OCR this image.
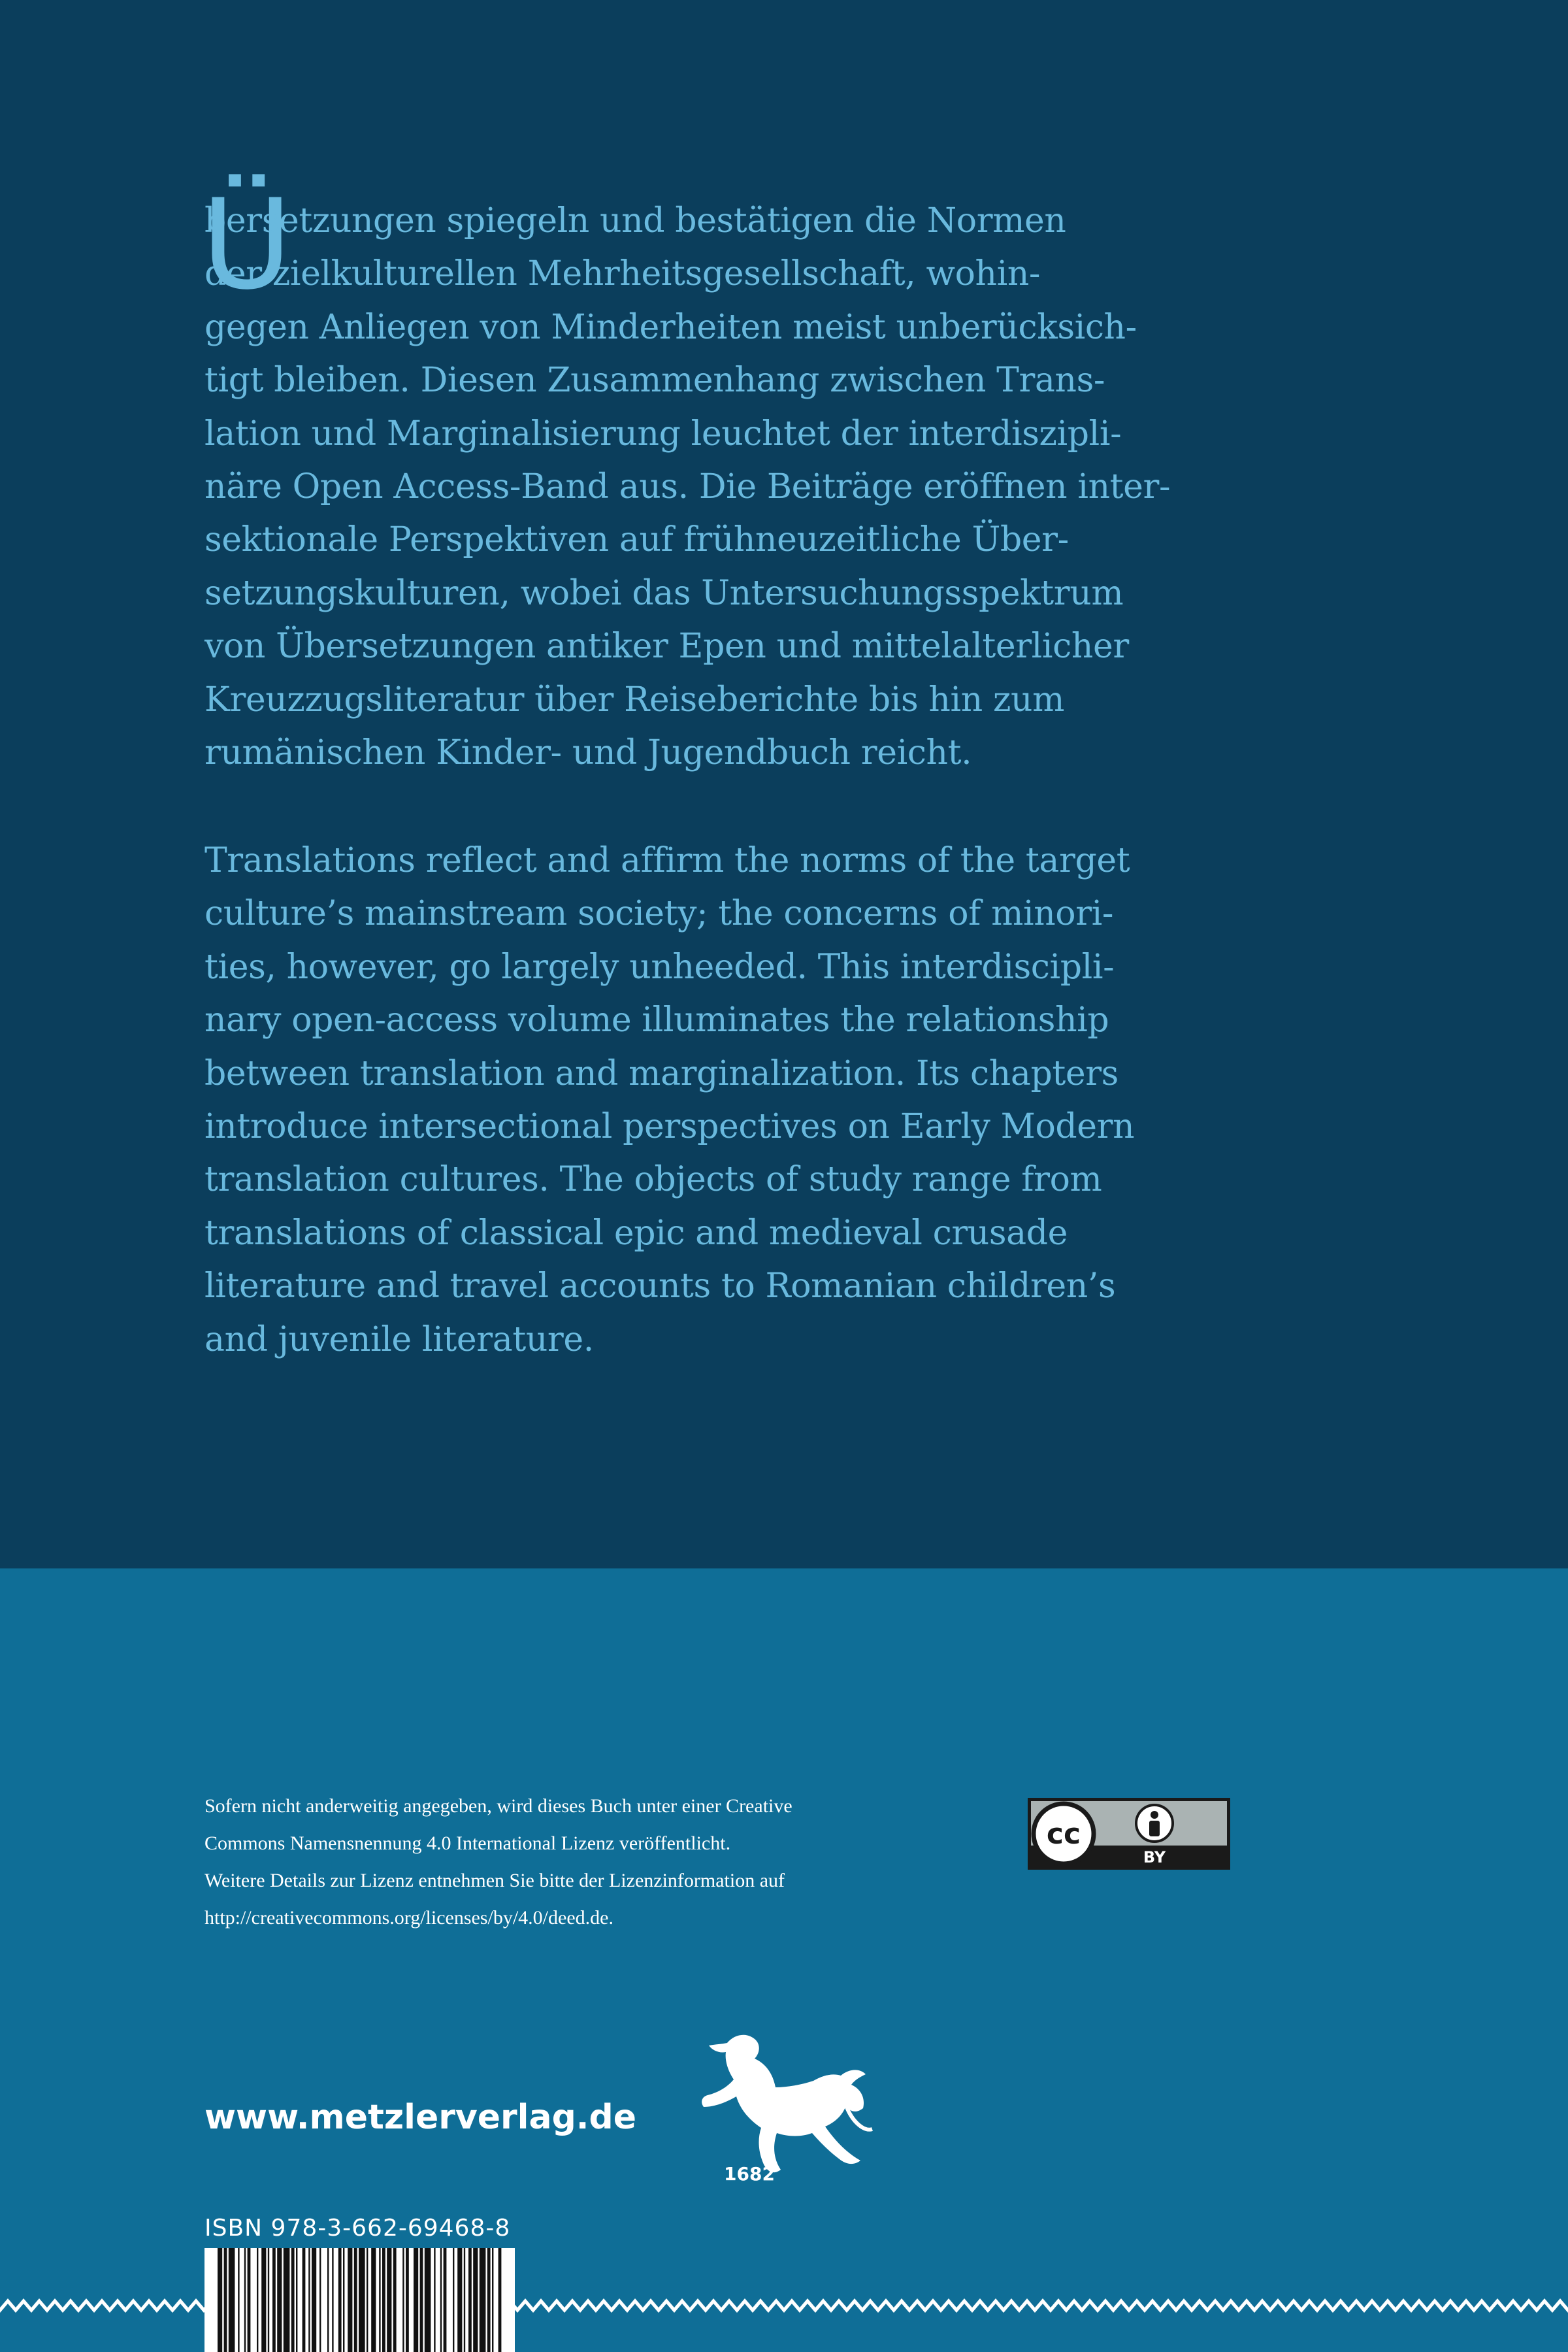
Ü

bersetzungen spiegeln und bestätigen die Normen
der zielkulturellen Mehrheitsgesellschaft, wohin-
gegen Anliegen von Minderheiten meist unberücksich-
tigt bleiben. Diesen Zusammenhang zwischen Trans-
lation und Marginalisierung leuchtet der interdiszipli-
näre Open Access-Band aus. Die Beiträge eröffnen inter-
sektionale Perspektiven auf frühneuzeitliche Über-
setzungskulturen, wobei das Untersuchungsspektrum
von Übersetzungen antiker Epen und mittelalterlicher
Kreuzzugsliteratur über Reiseberichte bis hin zum
rumänischen Kinder- und Jugendbuch reicht.

Translations reflect and affirm the norms of the target
culture’s mainstream society; the concerns of minori-
ties, however, go largely unheeded. This interdiscipli-
nary open-access volume illuminates the relationship
between translation and marginalization. Its chapters
introduce intersectional perspectives on Early Modern
translation cultures. The objects of study range from
translations of classical epic and medieval crusade
literature and travel accounts to Romanian children’s
and juvenile literature.

Sofern nicht anderweitig angegeben, wird dieses Buch unter einer Creative
Commons Namensnennung 4.0 International Lizenz veröffentlicht.
Weitere Details zur Lizenz entnehmen Sie bitte der Lizenzinformation auf
http://creativecommons.org/licenses/by/4.0/deed.de.

cc
BY

www.metzlerverlag.de

1682

ISBN 978-3-662-69468-8
